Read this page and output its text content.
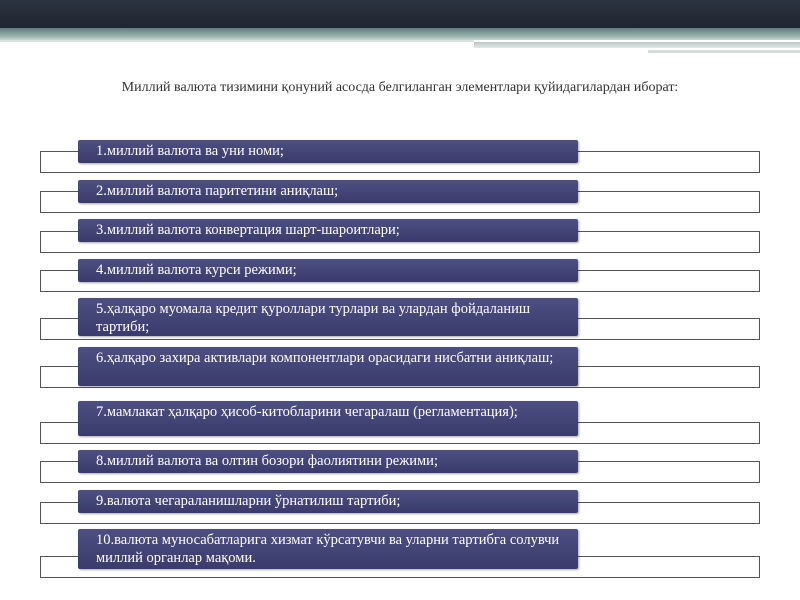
Миллий валюта тизимини қонуний асосда белгиланган элементлари қуйидагилардан иборат:
1.миллий валюта ва уни номи;
2.миллий валюта паритетини аниқлаш;
3.миллий валюта конвертация шарт-шароитлари;
4.миллий валюта курси режими;
5.ҳалқаро муомала кредит қуроллари турлари ва улардан фойдаланиш тартиби;
6.ҳалқаро захира активлари компонентлари орасидаги нисбатни аниқлаш;
7.мамлакат ҳалқаро ҳисоб-китобларини чегаралаш (регламентация);
8.миллий валюта ва олтин бозори фаолиятини режими;
9.валюта чегараланишларни ўрнатилиш тартиби;
10.валюта муносабатларига хизмат кўрсатувчи ва уларни тартибга солувчи миллий органлар мақоми.
